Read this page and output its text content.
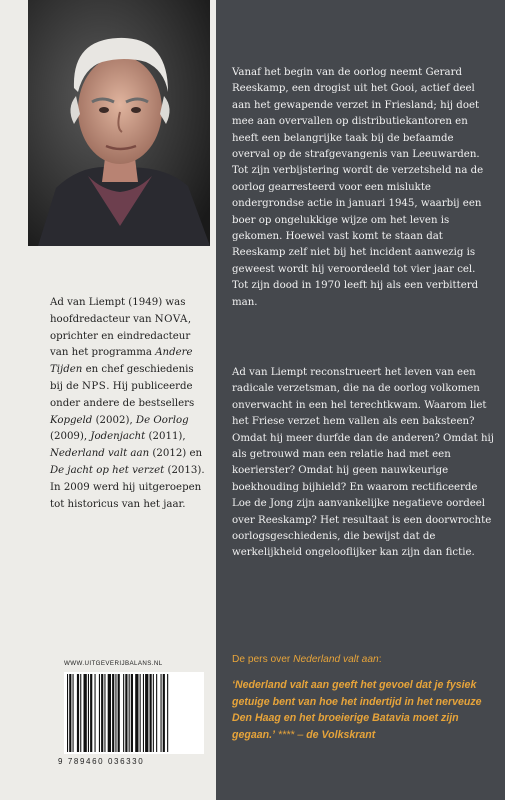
Ad van Liempt (1949) was hoofdredacteur van NOVA, oprichter en eindredacteur van het programma Andere Tijden en chef geschiedenis bij de NPS. Hij publiceerde onder andere de bestsellers Kopgeld (2002), De Oorlog (2009), Jodenjacht (2011), Nederland valt aan (2012) en De jacht op het verzet (2013). In 2009 werd hij uitgeroepen tot historicus van het jaar.
WWW.UITGEVERIJBALANS.NL
9 789460 036330
Vanaf het begin van de oorlog neemt Gerard Reeskamp, een drogist uit het Gooi, actief deel aan het gewapende verzet in Friesland; hij doet mee aan overvallen op distributiekantoren en heeft een belangrijke taak bij de befaamde overval op de strafgevangenis van Leeuwarden. Tot zijn verbijstering wordt de verzetsheld na de oorlog gearresteerd voor een mislukte ondergrondse actie in januari 1945, waarbij een boer op ongelukkige wijze om het leven is gekomen. Hoewel vast komt te staan dat Reeskamp zelf niet bij het incident aanwezig is geweest wordt hij veroordeeld tot vier jaar cel. Tot zijn dood in 1970 leeft hij als een verbitterd man.
Ad van Liempt reconstrueert het leven van een radicale verzetsman, die na de oorlog volkomen onverwacht in een hel terechtkwam. Waarom liet het Friese verzet hem vallen als een baksteen? Omdat hij meer durfde dan de anderen? Omdat hij als getrouwd man een relatie had met een koerierster? Omdat hij geen nauwkeurige boekhouding bijhield? En waarom rectificeerde Loe de Jong zijn aanvankelijke negatieve oordeel over Reeskamp? Het resultaat is een doorwrochte oorlogsgeschiedenis, die bewijst dat de werkelijkheid ongelooflijker kan zijn dan fictie.
De pers over Nederland valt aan:
‘Nederland valt aan geeft het gevoel dat je fysiek getuige bent van hoe het indertijd in het nerveuze Den Haag en het broeierige Batavia moet zijn gegaan.’ **** – de Volkskrant
